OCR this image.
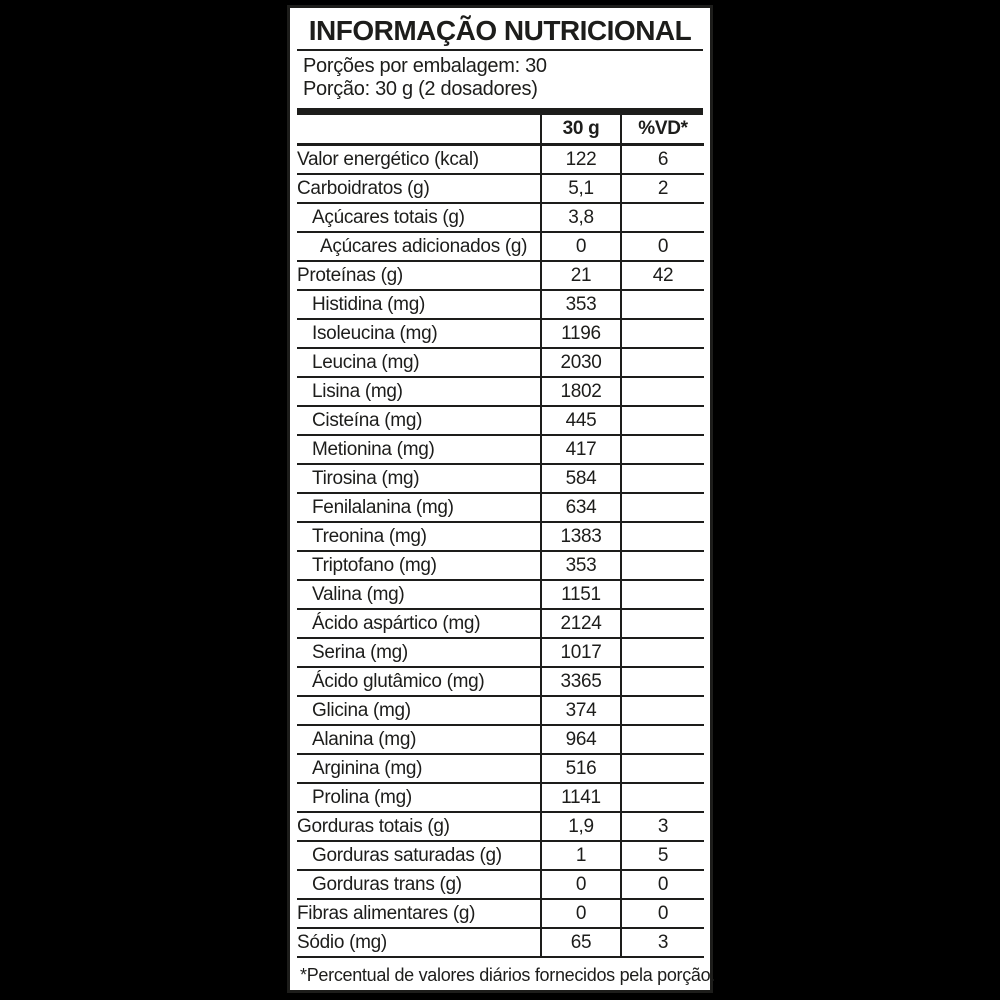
INFORMAÇÃO NUTRICIONAL
Porções por embalagem: 30
Porção: 30 g (2 dosadores)
	30 g	%VD*
Valor energético (kcal)	122	6
Carboidratos (g)	5,1	2
Açúcares totais (g)	3,8	
Açúcares adicionados (g)	0	0
Proteínas (g)	21	42
Histidina (mg)	353	
Isoleucina (mg)	1196	
Leucina (mg)	2030	
Lisina (mg)	1802	
Cisteína (mg)	445	
Metionina (mg)	417	
Tirosina (mg)	584	
Fenilalanina (mg)	634	
Treonina (mg)	1383	
Triptofano (mg)	353	
Valina (mg)	1151	
Ácido aspártico (mg)	2124	
Serina (mg)	1017	
Ácido glutâmico (mg)	3365	
Glicina (mg)	374	
Alanina (mg)	964	
Arginina (mg)	516	
Prolina (mg)	1141	
Gorduras totais (g)	1,9	3
Gorduras saturadas (g)	1	5
Gorduras trans (g)	0	0
Fibras alimentares (g)	0	0
Sódio (mg)	65	3
*Percentual de valores diários fornecidos pela porção.
